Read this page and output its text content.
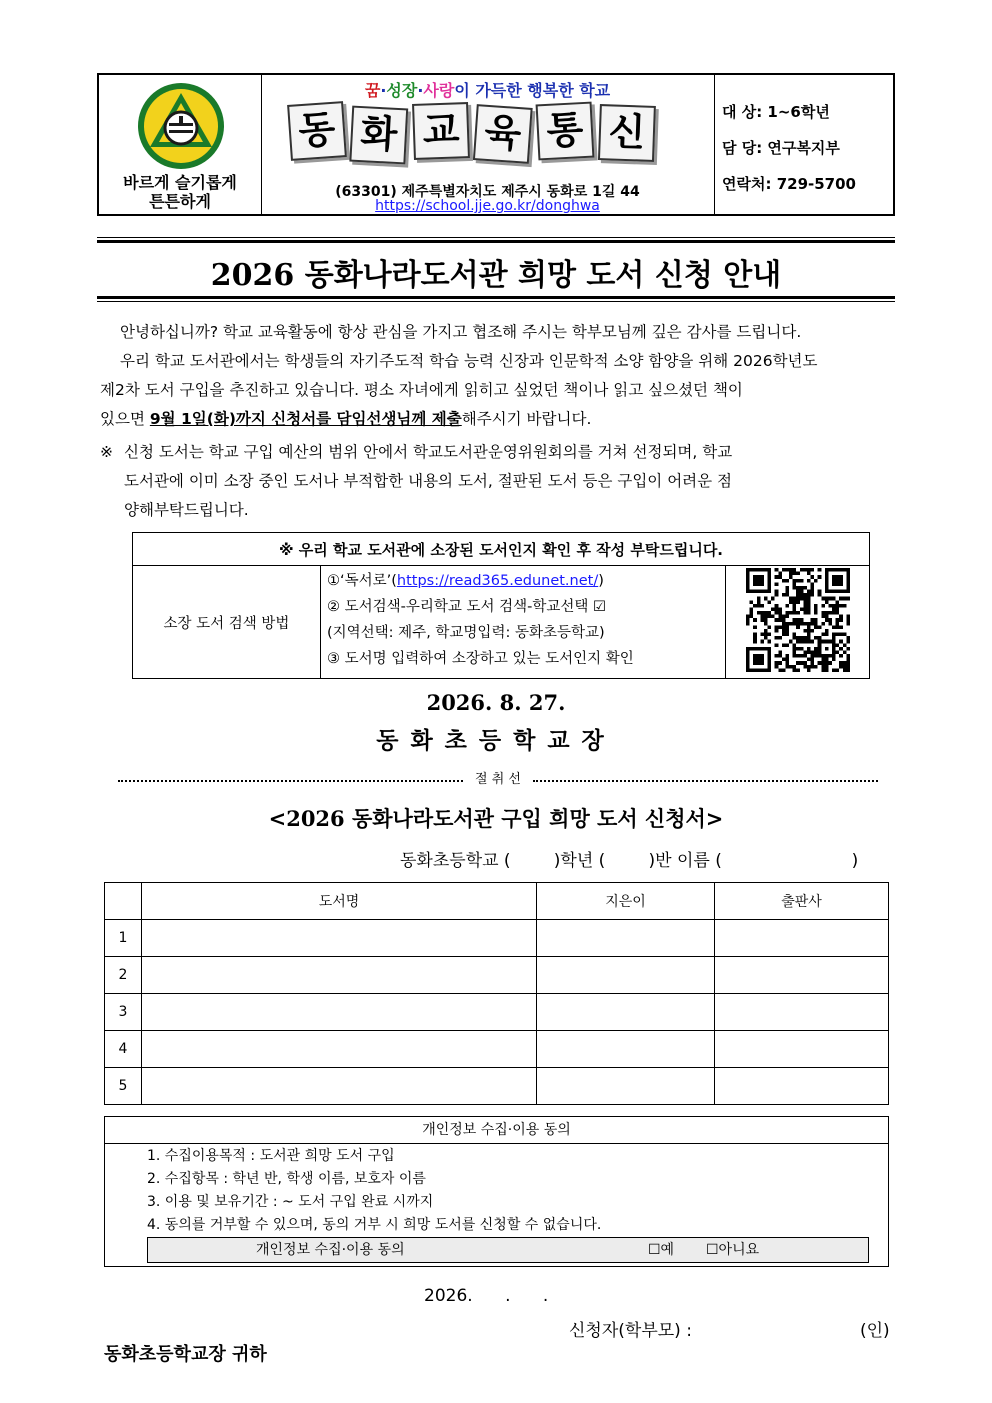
바르게 슬기롭게
튼튼하게
꿈·성장·사랑이 가득한 행복한 학교
동 화 교 육 통 신
(63301) 제주특별자치도 제주시 동화로 1길 44
https://school.jje.go.kr/donghwa
대 상: 1~6학년
담 당: 연구복지부
연락처: 729-5700
2026 동화나라도서관 희망 도서 신청 안내
안녕하십니까? 학교 교육활동에 항상 관심을 가지고 협조해 주시는 학부모님께 깊은 감사를 드립니다.
우리 학교 도서관에서는 학생들의 자기주도적 학습 능력 신장과 인문학적 소양 함양을 위해 2026학년도
제2차 도서 구입을 추진하고 있습니다. 평소 자녀에게 읽히고 싶었던 책이나 읽고 싶으셨던 책이
있으면 9월 1일(화)까지 신청서를 담임선생님께 제출해주시기 바랍니다.
※ 신청 도서는 학교 구입 예산의 범위 안에서 학교도서관운영위원회의를 거쳐 선정되며, 학교
도서관에 이미 소장 중인 도서나 부적합한 내용의 도서, 절판된 도서 등은 구입이 어려운 점
양해부탁드립니다.
※ 우리 학교 도서관에 소장된 도서인지 확인 후 작성 부탁드립니다.
소장 도서 검색 방법	
①‘독서로’(https://read365.edunet.net/)
② 도서검색-우리학교 도서 검색-학교선택 ☑
(지역선택: 제주, 학교명입력: 동화초등학교)
③ 도서명 입력하여 소장하고 있는 도서인지 확인

2026. 8. 27.
동화초등학교장
절 취 선
<2026 동화나라도서관 구입 희망 도서 신청서>
동화초등학교 (        )학년 (        )반 이름 (                        )
	도서명	지은이	출판사
1			
2			
3			
4			
5			
개인정보 수집·이용 동의
1. 수집이용목적 : 도서관 희망 도서 구입
2. 수집항목 : 학년 반, 학생 이름, 보호자 이름
3. 이용 및 보유기간 : ~ 도서 구입 완료 시까지
4. 동의를 거부할 수 있으며, 동의 거부 시 희망 도서를 신청할 수 없습니다.
개인정보 수집·이용 동의	☐예 ☐아니요
2026.      .      .
신청자(학부모) :	(인)
동화초등학교장 귀하
